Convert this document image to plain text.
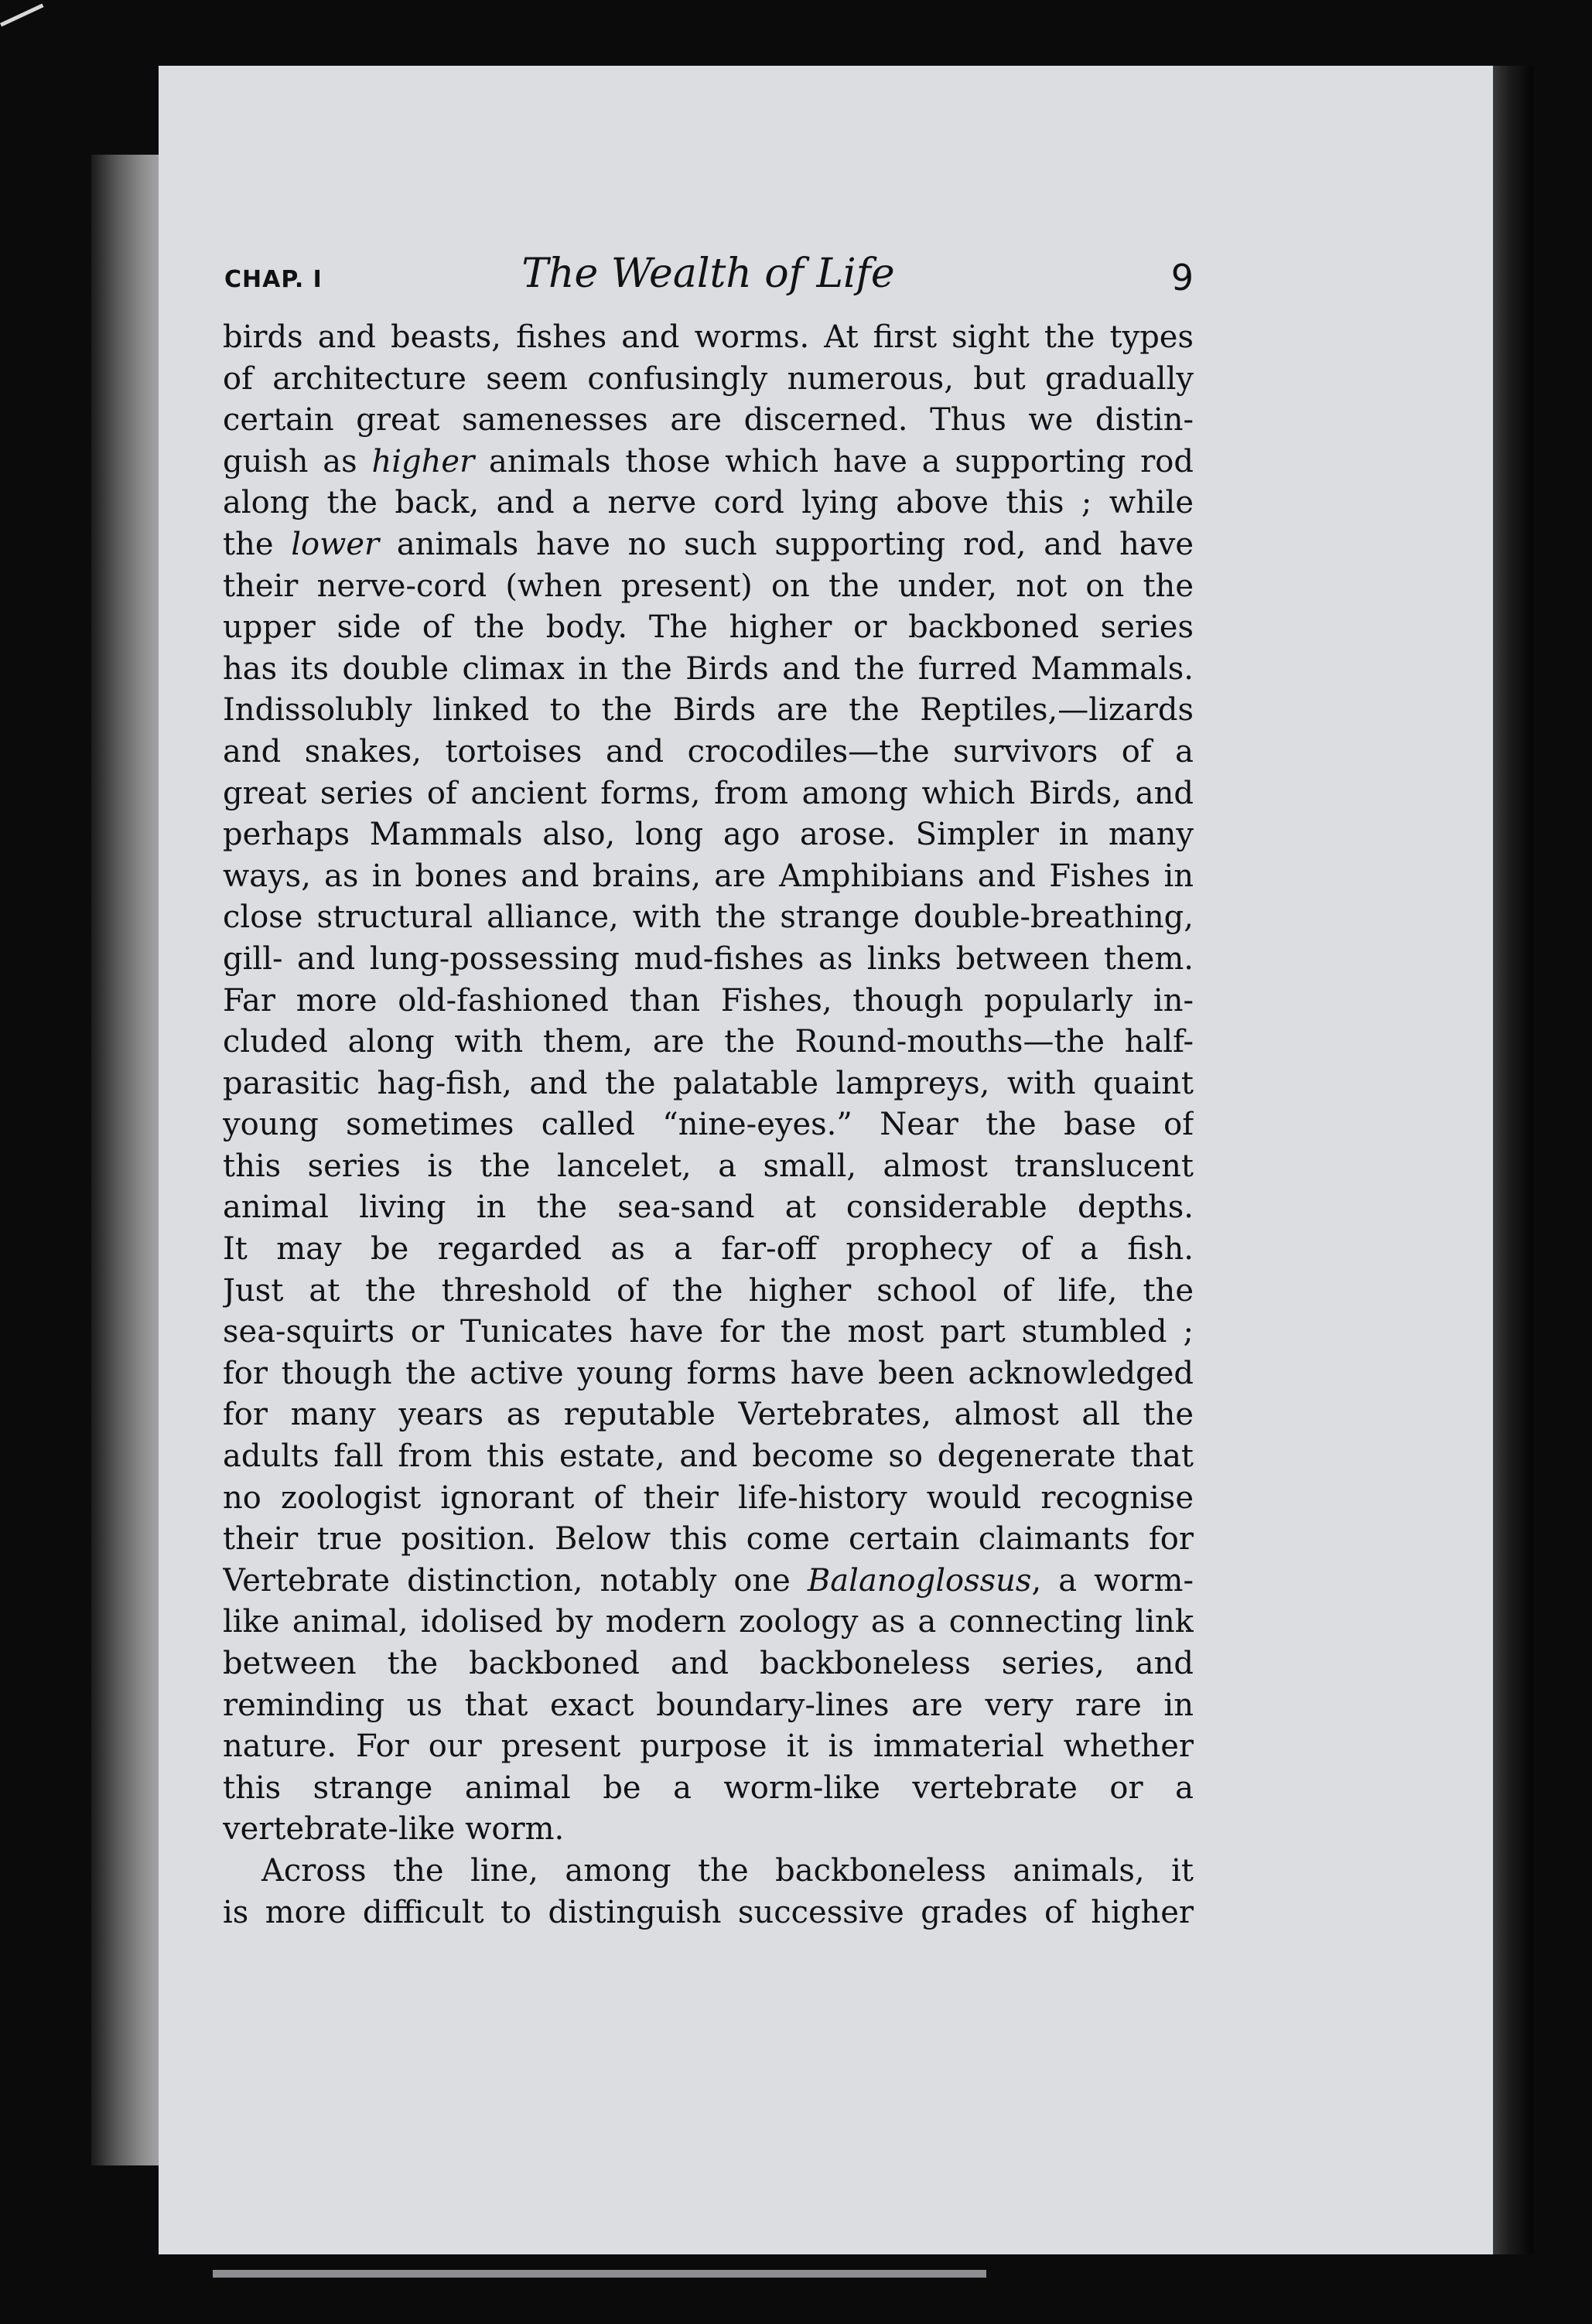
CHAP. I	The Wealth of Life	9
birds and beasts, fishes and worms. At first sight the types
of architecture seem confusingly numerous, but gradually
certain great samenesses are discerned. Thus we distin-
guish as higher animals those which have a supporting rod
along the back, and a nerve cord lying above this ; while
the lower animals have no such supporting rod, and have
their nerve-cord (when present) on the under, not on the
upper side of the body. The higher or backboned series
has its double climax in the Birds and the furred Mammals.
Indissolubly linked to the Birds are the Reptiles,—lizards
and snakes, tortoises and crocodiles—the survivors of a
great series of ancient forms, from among which Birds, and
perhaps Mammals also, long ago arose. Simpler in many
ways, as in bones and brains, are Amphibians and Fishes in
close structural alliance, with the strange double-breathing,
gill- and lung-possessing mud-fishes as links between them.
Far more old-fashioned than Fishes, though popularly in-
cluded along with them, are the Round-mouths—the half-
parasitic hag-fish, and the palatable lampreys, with quaint
young sometimes called “nine-eyes.” Near the base of
this series is the lancelet, a small, almost translucent
animal living in the sea-sand at considerable depths.
It may be regarded as a far-off prophecy of a fish.
Just at the threshold of the higher school of life, the
sea-squirts or Tunicates have for the most part stumbled ;
for though the active young forms have been acknowledged
for many years as reputable Vertebrates, almost all the
adults fall from this estate, and become so degenerate that
no zoologist ignorant of their life-history would recognise
their true position. Below this come certain claimants for
Vertebrate distinction, notably one Balanoglossus, a worm-
like animal, idolised by modern zoology as a connecting link
between the backboned and backboneless series, and
reminding us that exact boundary-lines are very rare in
nature. For our present purpose it is immaterial whether
this strange animal be a worm-like vertebrate or a
vertebrate-like worm.
Across the line, among the backboneless animals, it
is more difficult to distinguish successive grades of higher
